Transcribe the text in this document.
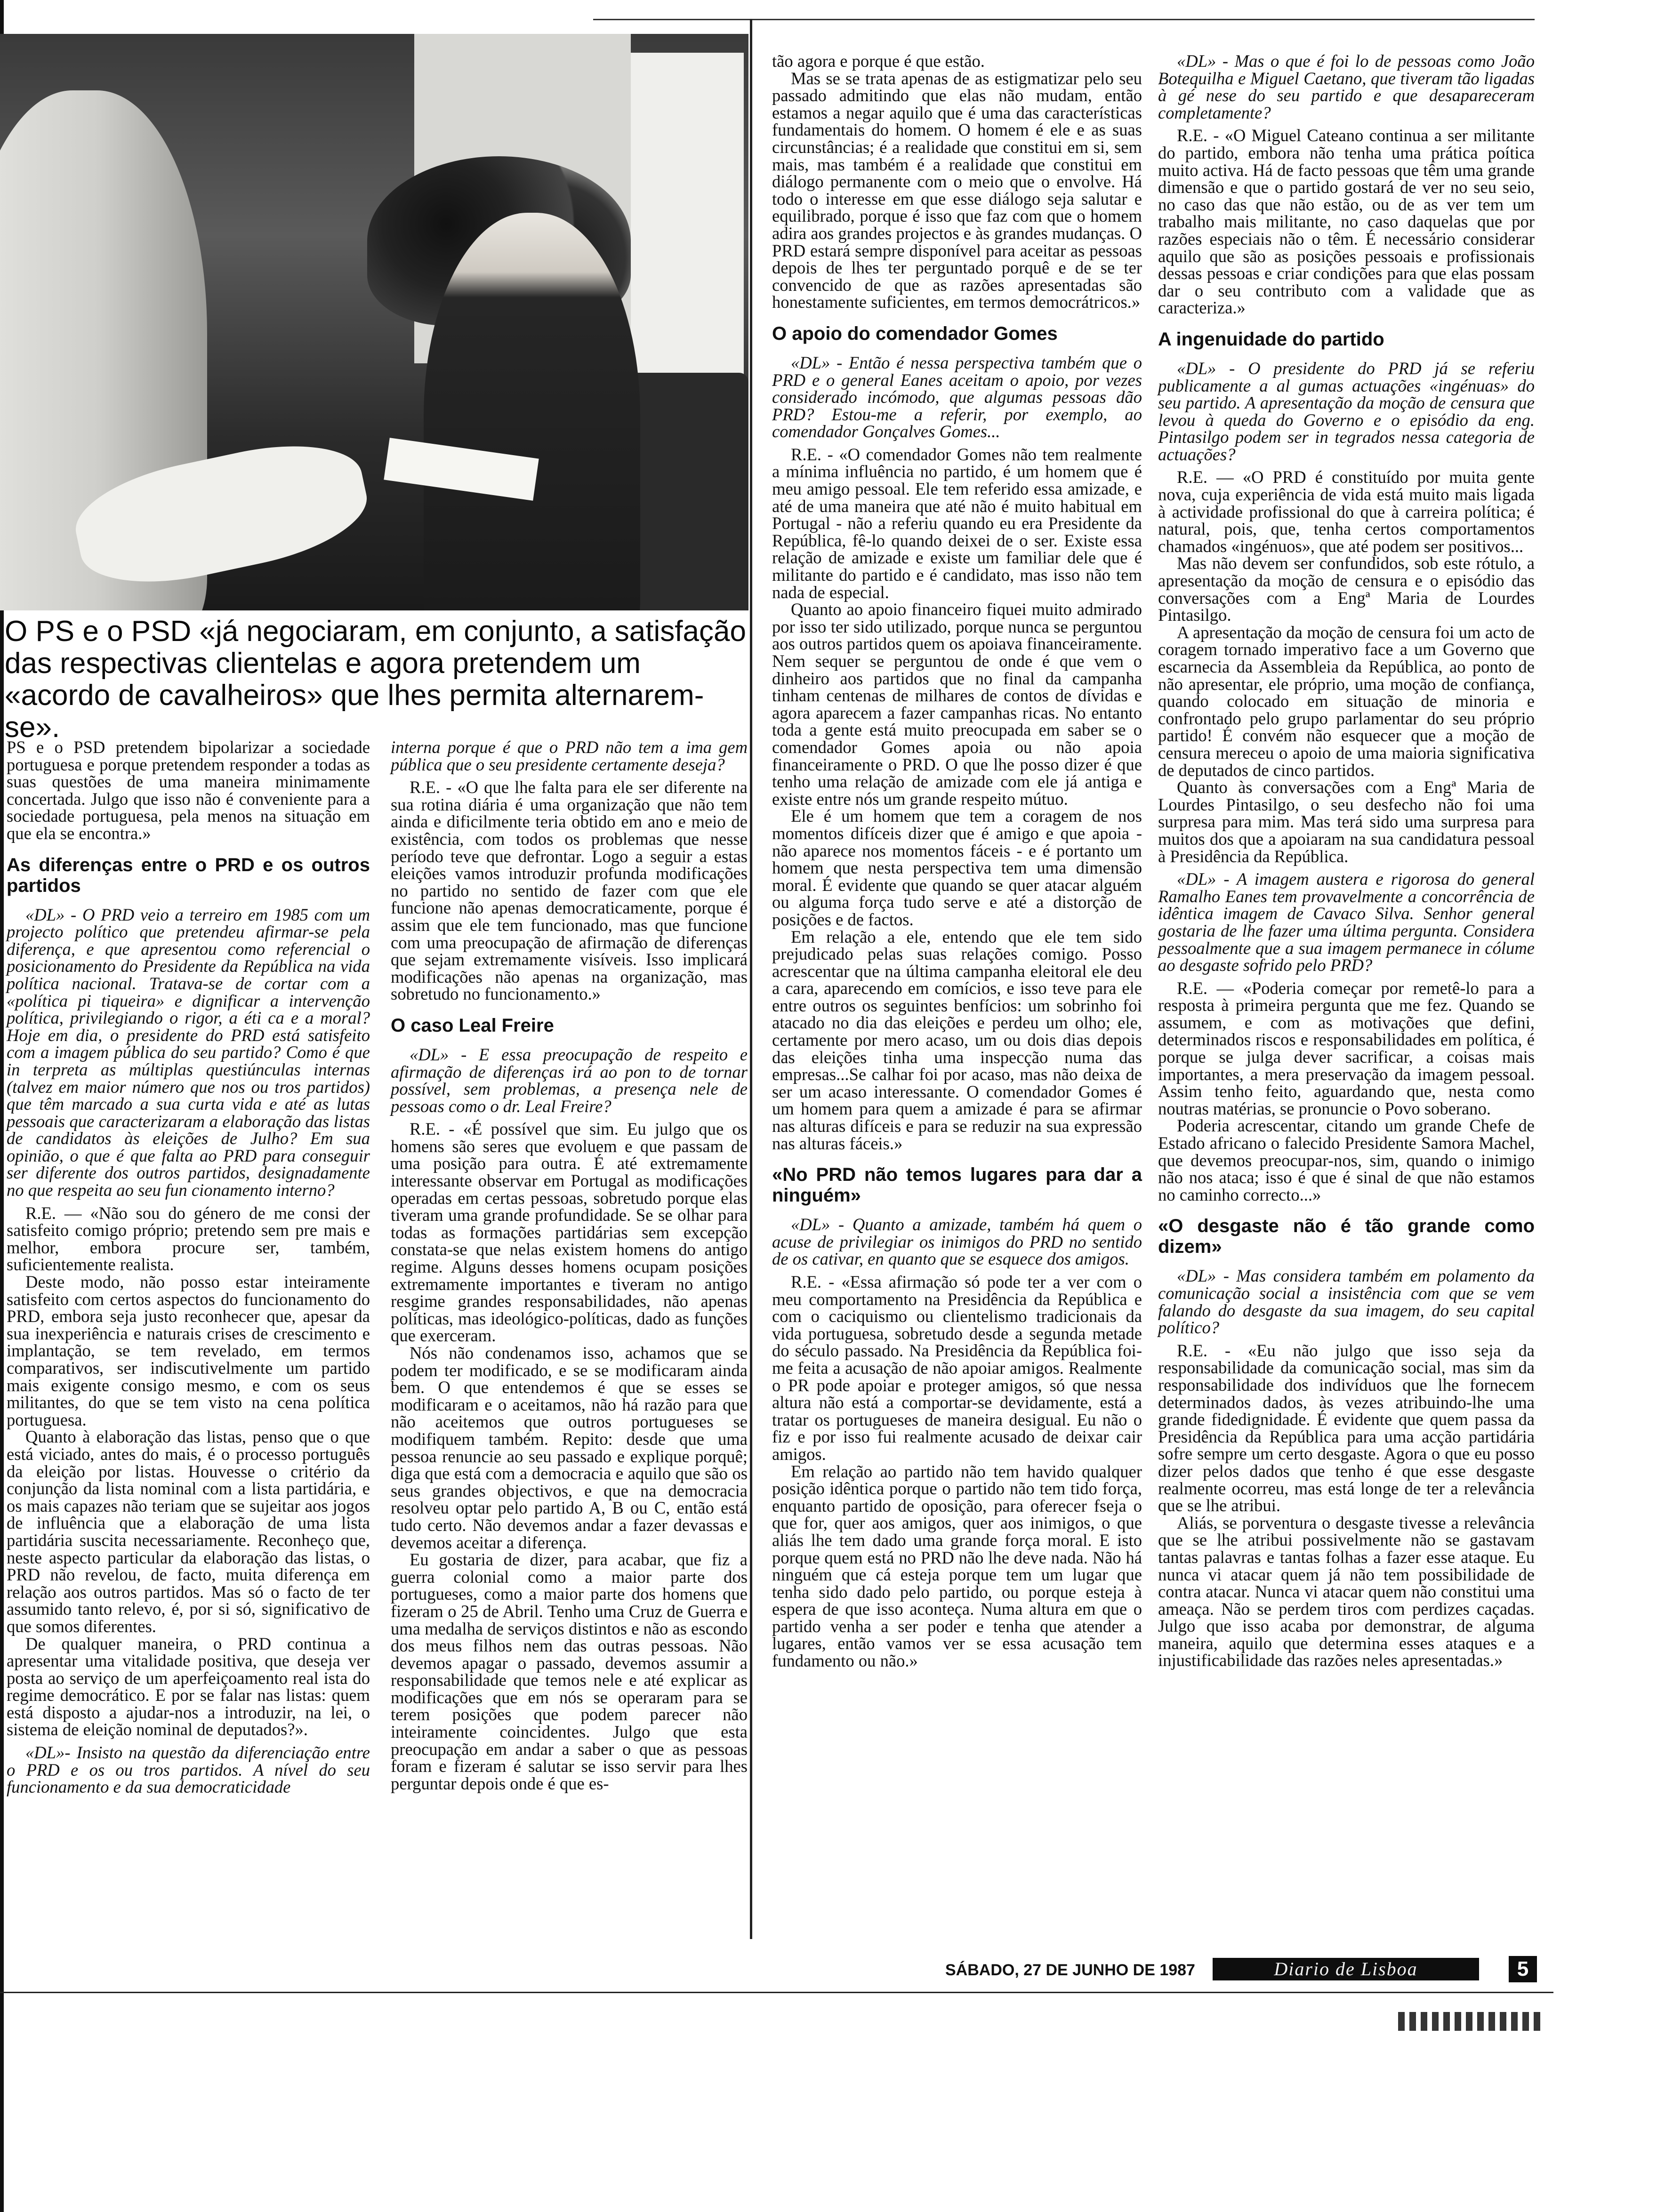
O PS e o PSD «já negociaram, em conjunto, a satisfação das respectivas clientelas e agora pretendem um «acordo de cavalheiros» que lhes permita alternarem-se».

PS e o PSD pretendem bipolarizar a sociedade portuguesa e porque pretendem responder a todas as suas questões de uma maneira minimamente concertada. Julgo que isso não é conveniente para a sociedade portuguesa, pela menos na situação em que ela se encontra.»

As diferenças entre o PRD e os outros partidos

«DL» - O PRD veio a terreiro em 1985 com um projecto político que pretendeu afirmar-se pela diferença, e que apresentou como referencial o posicionamento do Presidente da República na vida política nacional. Tratava-se de cortar com a «política pi tiqueira» e dignificar a intervenção política, privilegiando o rigor, a éti ca e a moral? Hoje em dia, o presidente do PRD está satisfeito com a imagem pública do seu partido? Como é que in terpreta as múltiplas questiúnculas internas (talvez em maior número que nos ou tros partidos) que têm marcado a sua curta vida e até as lutas pessoais que caracterizaram a elaboração das listas de candidatos às eleições de Julho? Em sua opinião, o que é que falta ao PRD para conseguir ser diferente dos outros partidos, designadamente no que respeita ao seu fun cionamento interno?

R.E. — «Não sou do género de me consi der satisfeito comigo próprio; pretendo sem pre mais e melhor, embora procure ser, também, suficientemente realista.

Deste modo, não posso estar inteiramente satisfeito com certos aspectos do funcionamento do PRD, embora seja justo reconhecer que, apesar da sua inexperiência e naturais crises de crescimento e implantação, se tem revelado, em termos comparativos, ser indiscutivelmente um partido mais exigente consigo mesmo, e com os seus militantes, do que se tem visto na cena política portuguesa.

Quanto à elaboração das listas, penso que o que está viciado, antes do mais, é o processo português da eleição por listas. Houvesse o critério da conjunção da lista nominal com a lista partidária, e os mais capazes não teriam que se sujeitar aos jogos de influência que a elaboração de uma lista partidária suscita necessariamente. Reconheço que, neste aspecto particular da elaboração das listas, o PRD não revelou, de facto, muita diferença em relação aos outros partidos. Mas só o facto de ter assumido tanto relevo, é, por si só, significativo de que somos diferentes.

De qualquer maneira, o PRD continua a apresentar uma vitalidade positiva, que deseja ver posta ao serviço de um aperfeiçoamento real ista do regime democrático. E por se falar nas listas: quem está disposto a ajudar-nos a introduzir, na lei, o sistema de eleição nominal de deputados?».

«DL»- Insisto na questão da diferenciação entre o PRD e os ou tros partidos. A nível do seu funcionamento e da sua democraticidade

interna porque é que o PRD não tem a ima gem pública que o seu presidente certamente deseja?

R.E. - «O que lhe falta para ele ser diferente na sua rotina diária é uma organização que não tem ainda e dificilmente teria obtido em ano e meio de existência, com todos os problemas que nesse período teve que defrontar. Logo a seguir a estas eleições vamos introduzir profunda modificações no partido no sentido de fazer com que ele funcione não apenas democraticamente, porque é assim que ele tem funcionado, mas que funcione com uma preocupação de afirmação de diferenças que sejam extremamente visíveis. Isso implicará modificações não apenas na organização, mas sobretudo no funcionamento.»

O caso Leal Freire

«DL» - E essa preocupação de respeito e afirmação de diferenças irá ao pon to de tornar possível, sem problemas, a presença nele de pessoas como o dr. Leal Freire?

R.E. - «É possível que sim. Eu julgo que os homens são seres que evoluem e que passam de uma posição para outra. É até extremamente interessante observar em Portugal as modificações operadas em certas pessoas, sobretudo porque elas tiveram uma grande profundidade. Se se olhar para todas as formações partidárias sem excepção constata-se que nelas existem homens do antigo regime. Alguns desses homens ocupam posições extremamente importantes e tiveram no antigo resgime grandes responsabilidades, não apenas políticas, mas ideológico-políticas, dado as funções que exerceram.

Nós não condenamos isso, achamos que se podem ter modificado, e se se modificaram ainda bem. O que entendemos é que se esses se modificaram e o aceitamos, não há razão para que não aceitemos que outros portugueses se modifiquem também. Repito: desde que uma pessoa renuncie ao seu passado e explique porquê; diga que está com a democracia e aquilo que são os seus grandes objectivos, e que na democracia resolveu optar pelo partido A, B ou C, então está tudo certo. Não devemos andar a fazer devassas e devemos aceitar a diferença.

Eu gostaria de dizer, para acabar, que fiz a guerra colonial como a maior parte dos portugueses, como a maior parte dos homens que fizeram o 25 de Abril. Tenho uma Cruz de Guerra e uma medalha de serviços distintos e não as escondo dos meus filhos nem das outras pessoas. Não devemos apagar o passado, devemos assumir a responsabilidade que temos nele e até explicar as modificações que em nós se operaram para se terem posições que podem parecer não inteiramente coincidentes. Julgo que esta preocupação em andar a saber o que as pessoas foram e fizeram é salutar se isso servir para lhes perguntar depois onde é que es-

tão agora e porque é que estão.

Mas se se trata apenas de as estigmatizar pelo seu passado admitindo que elas não mudam, então estamos a negar aquilo que é uma das características fundamentais do homem. O homem é ele e as suas circunstâncias; é a realidade que constitui em si, sem mais, mas também é a realidade que constitui em diálogo permanente com o meio que o envolve. Há todo o interesse em que esse diálogo seja salutar e equilibrado, porque é isso que faz com que o homem adira aos grandes projectos e às grandes mudanças. O PRD estará sempre disponível para aceitar as pessoas depois de lhes ter perguntado porquê e de se ter convencido de que as razões apresentadas são honestamente suficientes, em termos democrátricos.»

O apoio do comendador Gomes

«DL» - Então é nessa perspectiva também que o PRD e o general Eanes aceitam o apoio, por vezes considerado incómodo, que algumas pessoas dão PRD? Estou-me a referir, por exemplo, ao comendador Gonçalves Gomes...

R.E. - «O comendador Gomes não tem realmente a mínima influência no partido, é um homem que é meu amigo pessoal. Ele tem referido essa amizade, e até de uma maneira que até não é muito habitual em Portugal - não a referiu quando eu era Presidente da República, fê-lo quando deixei de o ser. Existe essa relação de amizade e existe um familiar dele que é militante do partido e é candidato, mas isso não tem nada de especial.

Quanto ao apoio financeiro fiquei muito admirado por isso ter sido utilizado, porque nunca se perguntou aos outros partidos quem os apoiava financeiramente. Nem sequer se perguntou de onde é que vem o dinheiro aos partidos que no final da campanha tinham centenas de milhares de contos de dívidas e agora aparecem a fazer campanhas ricas. No entanto toda a gente está muito preocupada em saber se o comendador Gomes apoia ou não apoia financeiramente o PRD. O que lhe posso dizer é que tenho uma relação de amizade com ele já antiga e existe entre nós um grande respeito mútuo.

Ele é um homem que tem a coragem de nos momentos difíceis dizer que é amigo e que apoia - não aparece nos momentos fáceis - e é portanto um homem que nesta perspectiva tem uma dimensão moral. É evidente que quando se quer atacar alguém ou alguma força tudo serve e até a distorção de posições e de factos.

Em relação a ele, entendo que ele tem sido prejudicado pelas suas relações comigo. Posso acrescentar que na última campanha eleitoral ele deu a cara, aparecendo em comícios, e isso teve para ele entre outros os seguintes benfícios: um sobrinho foi atacado no dia das eleições e perdeu um olho; ele, certamente por mero acaso, um ou dois dias depois das eleições tinha uma inspecção numa das empresas...Se calhar foi por acaso, mas não deixa de ser um acaso interessante. O comendador Gomes é um homem para quem a amizade é para se afirmar nas alturas difíceis e para se reduzir na sua expressão nas alturas fáceis.»

«No PRD não temos lugares para dar a ninguém»

«DL» - Quanto a amizade, também há quem o acuse de privilegiar os inimigos do PRD no sentido de os cativar, en quanto que se esquece dos amigos.

R.E. - «Essa afirmação só pode ter a ver com o meu comportamento na Presidência da República e com o caciquismo ou clientelismo tradicionais da vida portuguesa, sobretudo desde a segunda metade do século passado. Na Presidência da República foi-me feita a acusação de não apoiar amigos. Realmente o PR pode apoiar e proteger amigos, só que nessa altura não está a comportar-se devidamente, está a tratar os portugueses de maneira desigual. Eu não o fiz e por isso fui realmente acusado de deixar cair amigos.

Em relação ao partido não tem havido qualquer posição idêntica porque o partido não tem tido força, enquanto partido de oposição, para oferecer fseja o que for, quer aos amigos, quer aos inimigos, o que aliás lhe tem dado uma grande força moral. E isto porque quem está no PRD não lhe deve nada. Não há ninguém que cá esteja porque tem um lugar que tenha sido dado pelo partido, ou porque esteja à espera de que isso aconteça. Numa altura em que o partido venha a ser poder e tenha que atender a lugares, então vamos ver se essa acusação tem fundamento ou não.»

«DL» - Mas o que é foi lo de pessoas como João Botequilha e Miguel Caetano, que tiveram tão ligadas à gé nese do seu partido e que desapareceram completamente?

R.E. - «O Miguel Cateano continua a ser militante do partido, embora não tenha uma prática poítica muito activa. Há de facto pessoas que têm uma grande dimensão e que o partido gostará de ver no seu seio, no caso das que não estão, ou de as ver tem um trabalho mais militante, no caso daquelas que por razões especiais não o têm. É necessário considerar aquilo que são as posições pessoais e profissionais dessas pessoas e criar condições para que elas possam dar o seu contributo com a validade que as caracteriza.»

A ingenuidade do partido

«DL» - O presidente do PRD já se referiu publicamente a al gumas actuações «ingénuas» do seu partido. A apresentação da moção de censura que levou à queda do Governo e o episódio da eng. Pintasilgo podem ser in tegrados nessa categoria de actuações?

R.E. — «O PRD é constituído por muita gente nova, cuja experiência de vida está muito mais ligada à actividade profissional do que à carreira política; é natural, pois, que, tenha certos comportamentos chamados «ingénuos», que até podem ser positivos...

Mas não devem ser confundidos, sob este rótulo, a apresentação da moção de censura e o episódio das conversações com a Engª Maria de Lourdes Pintasilgo.

A apresentação da moção de censura foi um acto de coragem tornado imperativo face a um Governo que escarnecia da Assembleia da República, ao ponto de não apresentar, ele próprio, uma moção de confiança, quando colocado em situação de minoria e confrontado pelo grupo parlamentar do seu próprio partido! É convém não esquecer que a moção de censura mereceu o apoio de uma maioria significativa de deputados de cinco partidos.

Quanto às conversações com a Engª Maria de Lourdes Pintasilgo, o seu desfecho não foi uma surpresa para mim. Mas terá sido uma surpresa para muitos dos que a apoiaram na sua candidatura pessoal à Presidência da República.

«DL» - A imagem austera e rigorosa do general Ramalho Eanes tem provavelmente a concorrência de idêntica imagem de Cavaco Silva. Senhor general gostaria de lhe fazer uma última pergunta. Considera pessoalmente que a sua imagem permanece in cólume ao desgaste sofrido pelo PRD?

R.E. — «Poderia começar por remetê-lo para a resposta à primeira pergunta que me fez. Quando se assumem, e com as motivações que defini, determinados riscos e responsabilidades em política, é porque se julga dever sacrificar, a coisas mais importantes, a mera preservação da imagem pessoal. Assim tenho feito, aguardando que, nesta como noutras matérias, se pronuncie o Povo soberano.

Poderia acrescentar, citando um grande Chefe de Estado africano o falecido Presidente Samora Machel, que devemos preocupar-nos, sim, quando o inimigo não nos ataca; isso é que é sinal de que não estamos no caminho correcto...»

«O desgaste não é tão grande como dizem»

«DL» - Mas considera também em polamento da comunicação social a insistência com que se vem falando do desgaste da sua imagem, do seu capital político?

R.E. - «Eu não julgo que isso seja da responsabilidade da comunicação social, mas sim da responsabilidade dos indivíduos que lhe fornecem determinados dados, às vezes atribuindo-lhe uma grande fidedignidade. É evidente que quem passa da Presidência da República para uma acção partidária sofre sempre um certo desgaste. Agora o que eu posso dizer pelos dados que tenho é que esse desgaste realmente ocorreu, mas está longe de ter a relevância que se lhe atribui.

Aliás, se porventura o desgaste tivesse a relevância que se lhe atribui possivelmente não se gastavam tantas palavras e tantas folhas a fazer esse ataque. Eu nunca vi atacar quem já não tem possibilidade de contra atacar. Nunca vi atacar quem não constitui uma ameaça. Não se perdem tiros com perdizes caçadas. Julgo que isso acaba por demonstrar, de alguma maneira, aquilo que determina esses ataques e a injustificabilidade das razões neles apresentadas.»

SÁBADO, 27 DE JUNHO DE 1987	Diario de Lisboa	5
